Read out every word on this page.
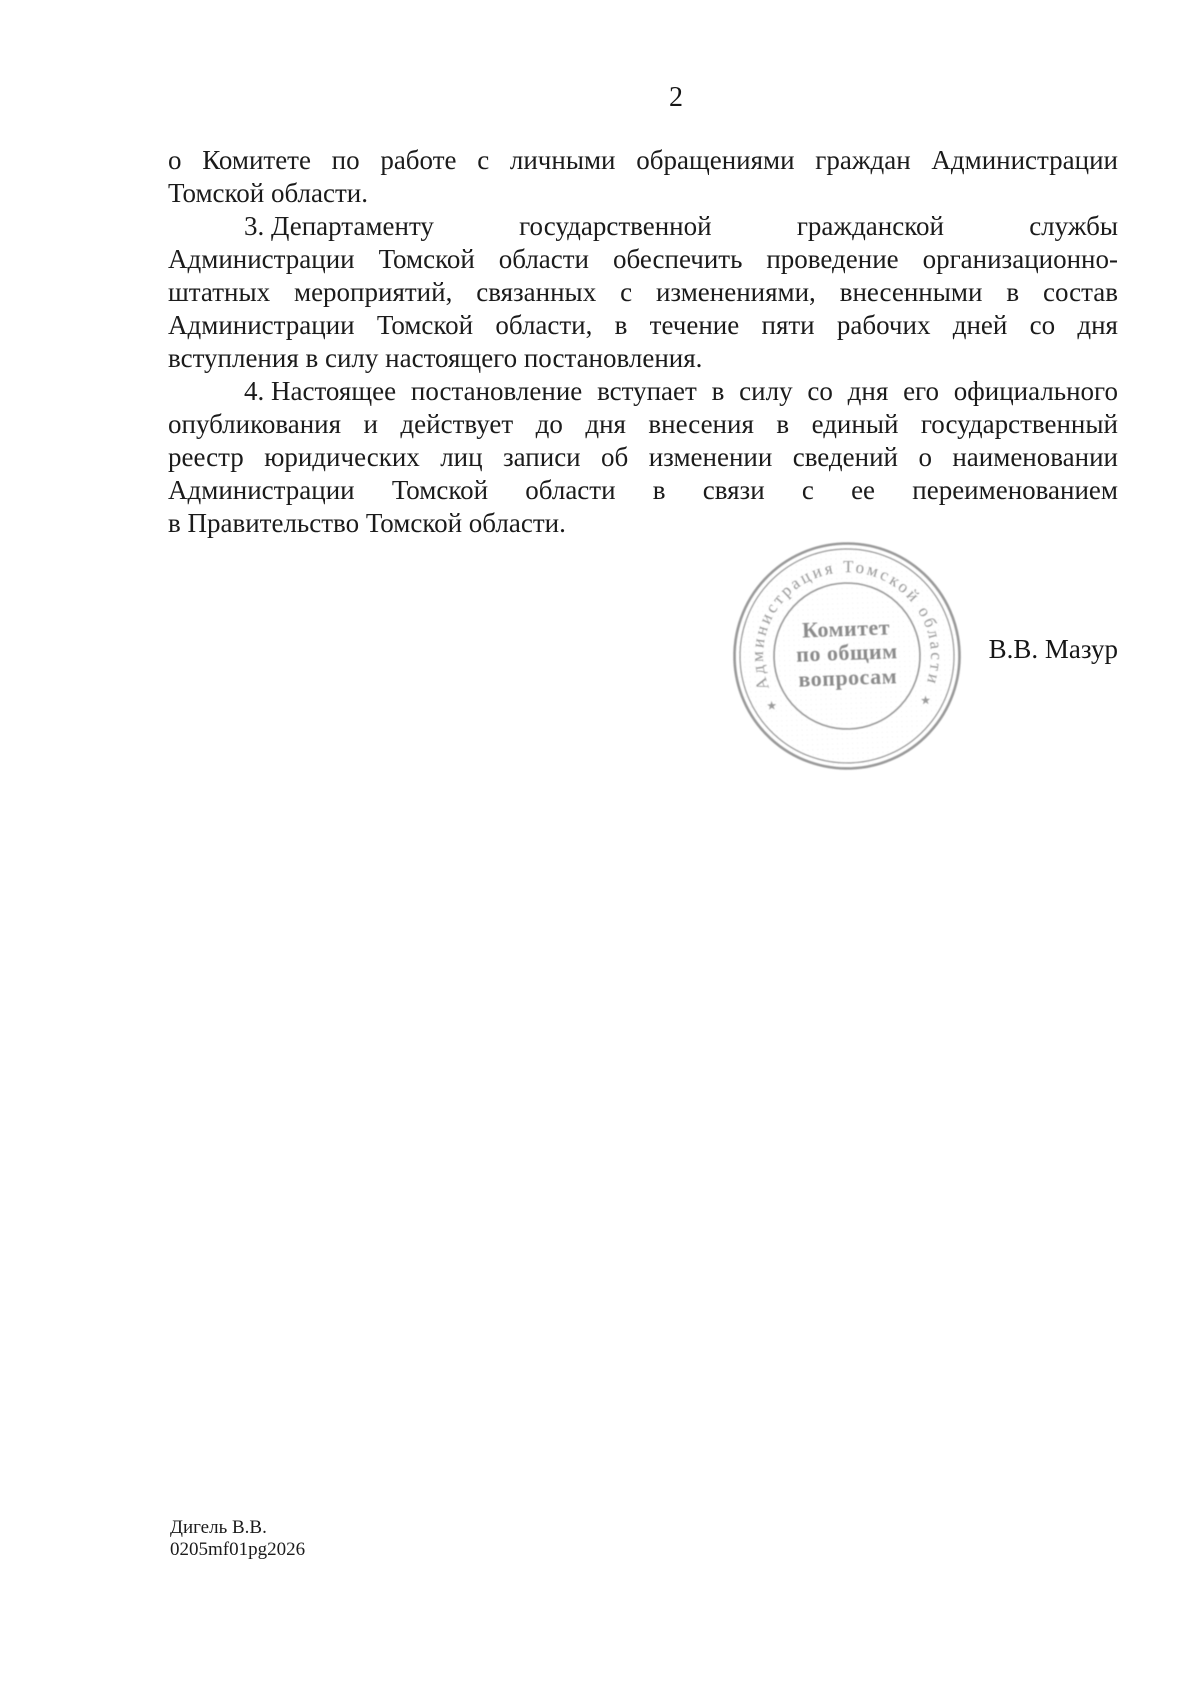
2
о Комитете по работе с личными обращениями граждан Администрации
Томской области.
3. Департаменту	государственной	гражданской	службы
Администрации Томской области обеспечить проведение организационно-
штатных мероприятий, связанных с изменениями, внесенными в состав
Администрации Томской области, в течение пяти рабочих дней со дня
вступления в силу настоящего постановления.
4. Настоящее постановление вступает в силу со дня его официального
опубликования и действует до дня внесения в единый государственный
реестр юридических лиц записи об изменении сведений о наименовании
Администрации Томской области в связи с ее переименованием
в Правительство Томской области.
Администрация Томской области
★	★
Комитет
по общим
вопросам
В.В. Мазур
Дигель В.В.
0205mf01pg2026
